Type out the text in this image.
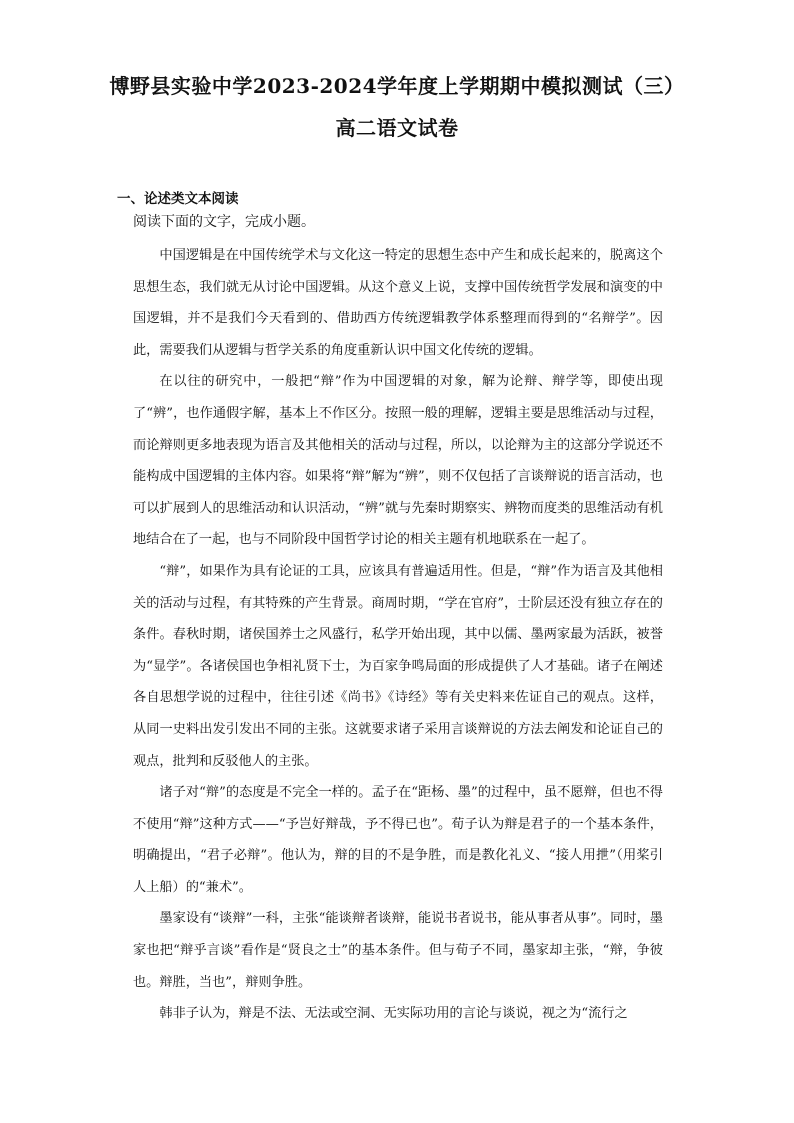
博野县实验中学2023-2024学年度上学期期中模拟测试（三）
高二语文试卷
一、论述类文本阅读
阅读下面的文字，完成小题。

中国逻辑是在中国传统学术与文化这一特定的思想生态中产生和成长起来的，脱离这个思想生态，我们就无从讨论中国逻辑。从这个意义上说，支撑中国传统哲学发展和演变的中国逻辑，并不是我们今天看到的、借助西方传统逻辑教学体系整理而得到的“名辩学”。因此，需要我们从逻辑与哲学关系的角度重新认识中国文化传统的逻辑。

在以往的研究中，一般把“辩”作为中国逻辑的对象，解为论辩、辩学等，即使出现了“辨”，也作通假字解，基本上不作区分。按照一般的理解，逻辑主要是思维活动与过程，而论辩则更多地表现为语言及其他相关的活动与过程，所以，以论辩为主的这部分学说还不能构成中国逻辑的主体内容。如果将“辩”解为“辨”，则不仅包括了言谈辩说的语言活动，也可以扩展到人的思维活动和认识活动，“辨”就与先秦时期察实、辨物而度类的思维活动有机地结合在了一起，也与不同阶段中国哲学讨论的相关主题有机地联系在一起了。

“辩”，如果作为具有论证的工具，应该具有普遍适用性。但是，“辩”作为语言及其他相关的活动与过程，有其特殊的产生背景。商周时期，“学在官府”，士阶层还没有独立存在的条件。春秋时期，诸侯国养士之风盛行，私学开始出现，其中以儒、墨两家最为活跃，被誉为“显学”。各诸侯国也争相礼贤下士，为百家争鸣局面的形成提供了人才基础。诸子在阐述各自思想学说的过程中，往往引述《尚书》《诗经》等有关史料来佐证自己的观点。这样，从同一史料出发引发出不同的主张。这就要求诸子采用言谈辩说的方法去阐发和论证自己的观点，批判和反驳他人的主张。

诸子对“辩”的态度是不完全一样的。孟子在“距杨、墨”的过程中，虽不愿辩，但也不得不使用“辩”这种方式——“予岂好辩哉，予不得已也”。荀子认为辩是君子的一个基本条件，明确提出，“君子必辩”。他认为，辩的目的不是争胜，而是教化礼义、“接人用抴”（用桨引人上船）的“兼术”。

墨家设有“谈辩”一科，主张“能谈辩者谈辩，能说书者说书，能从事者从事”。同时，墨家也把“辩乎言谈”看作是“贤良之士”的基本条件。但与荀子不同，墨家却主张，“辩，争彼也。辩胜，当也”，辩则争胜。

韩非子认为，辩是不法、无法或空洞、无实际功用的言论与谈说，视之为“流行之
